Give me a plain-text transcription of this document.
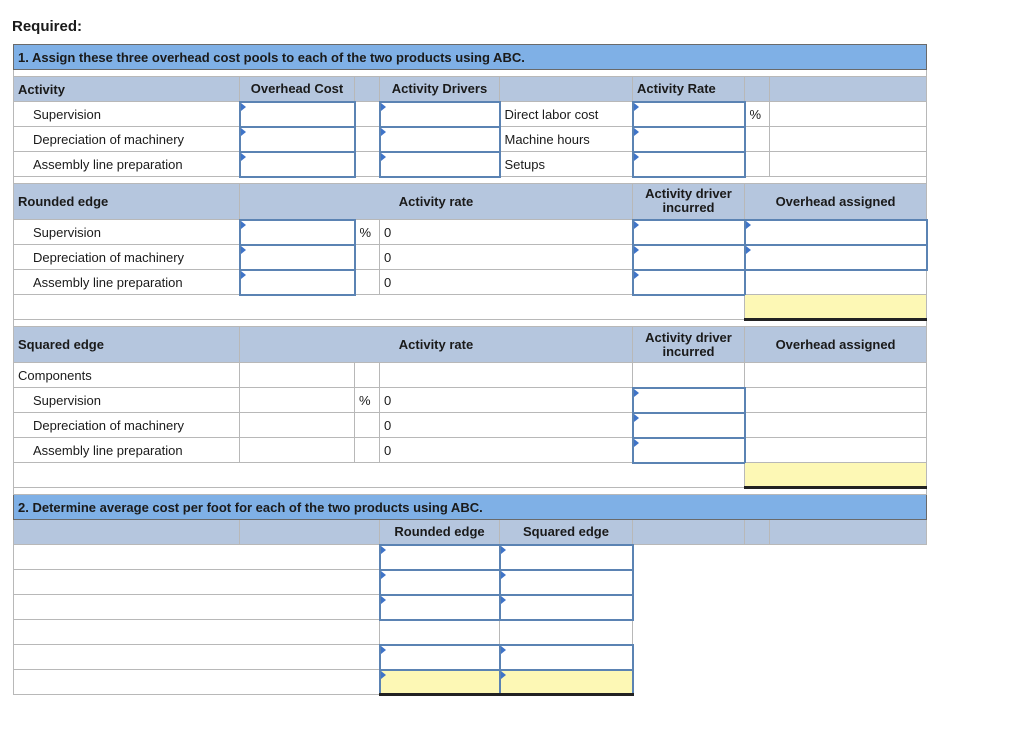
Required:
1. Assign these three overhead cost pools to each of the two products using ABC.							

Activity	Overhead Cost		Activity Drivers		Activity Rate		
Supervision				Direct labor cost		%	
Depreciation of machinery				Machine hours			
Assembly line preparation				Setups			

Rounded edge	Activity rate				Activity driver incurred	Overhead assigned	
Supervision		%	0				
Depreciation of machinery			0				
Assembly line preparation			0				

Squared edge	Activity rate				Activity driver incurred	Overhead assigned	
Components							
Supervision		%	0				
Depreciation of machinery			0				
Assembly line preparation			0				

2. Determine average cost per foot for each of the two products using ABC.							
			Rounded edge	Squared edge			
